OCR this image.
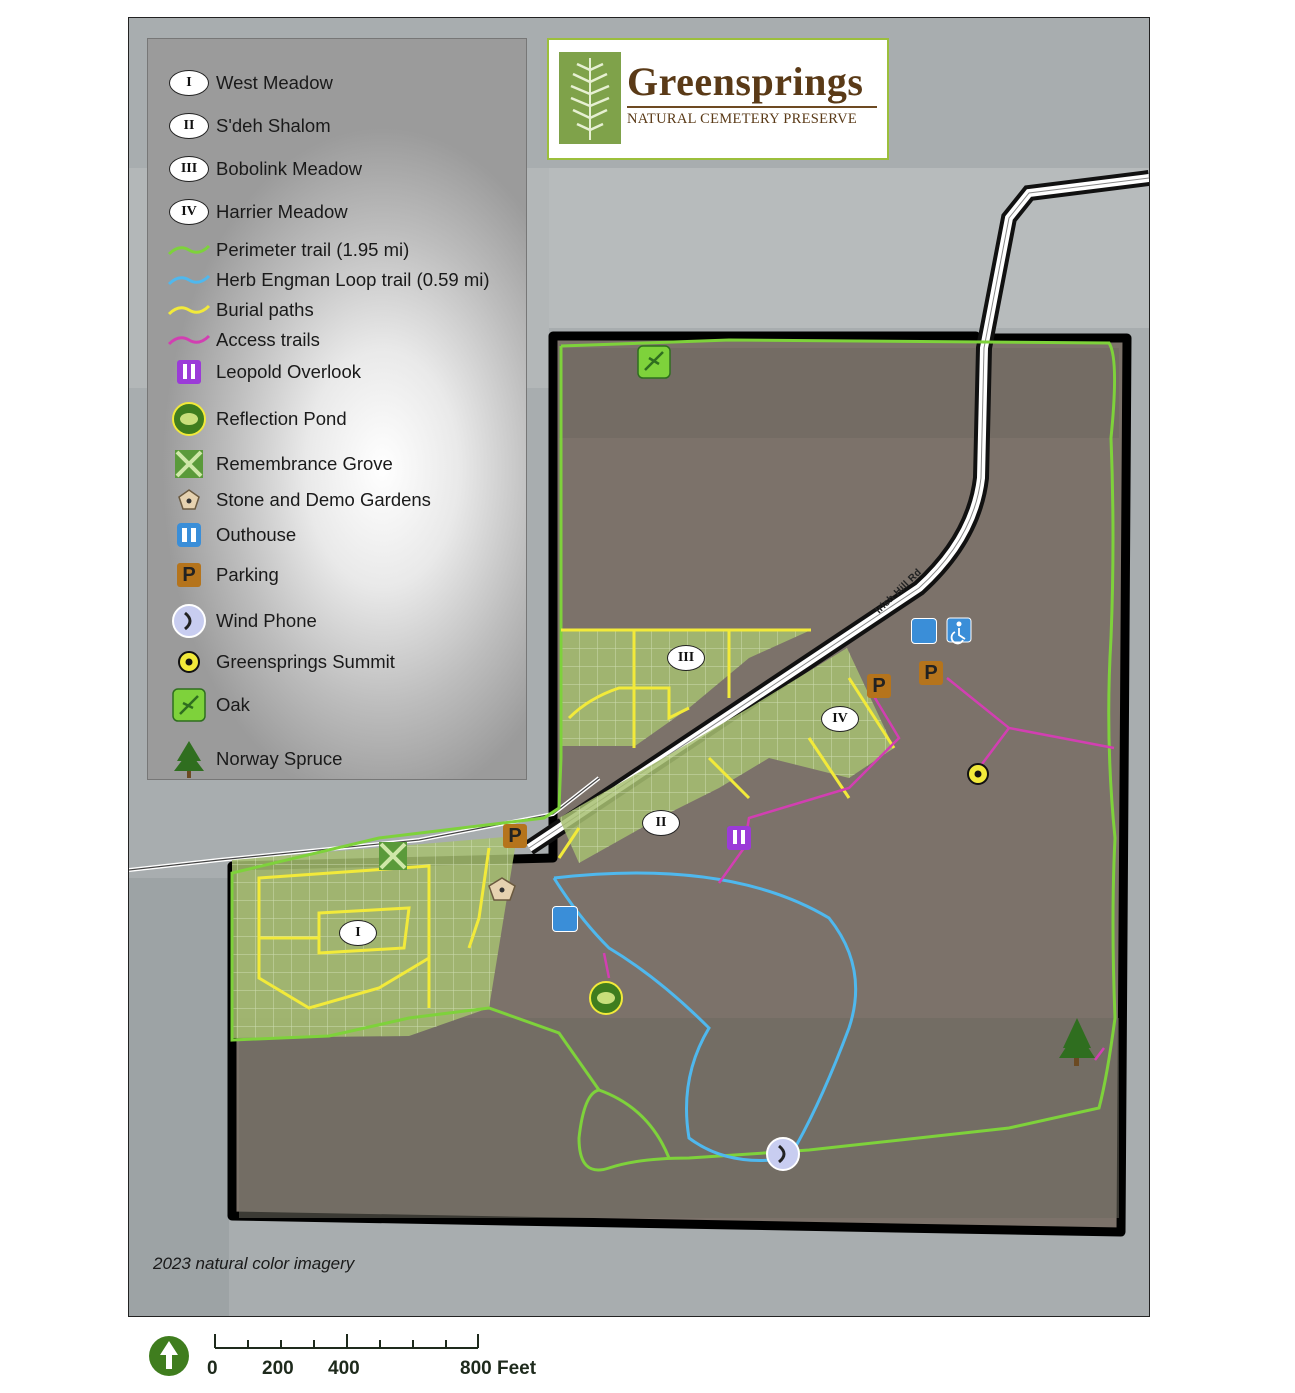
Irish Hill Rd
I
II
III
IV
P
P
P
I	West Meadow
II	S'deh Shalom
III	Bobolink Meadow
IV	Harrier Meadow
Perimeter trail (1.95 mi)
Herb Engman Loop trail (0.59 mi)
Burial paths
Access trails
Leopold Overlook
Reflection Pond
Remembrance Grove
Stone and Demo Gardens
Outhouse
P Parking
Wind Phone
Greensprings Summit
Oak
Norway Spruce
Greensprings
NATURAL CEMETERY PRESERVE
2023 natural color imagery
0 200 400	800 Feet
